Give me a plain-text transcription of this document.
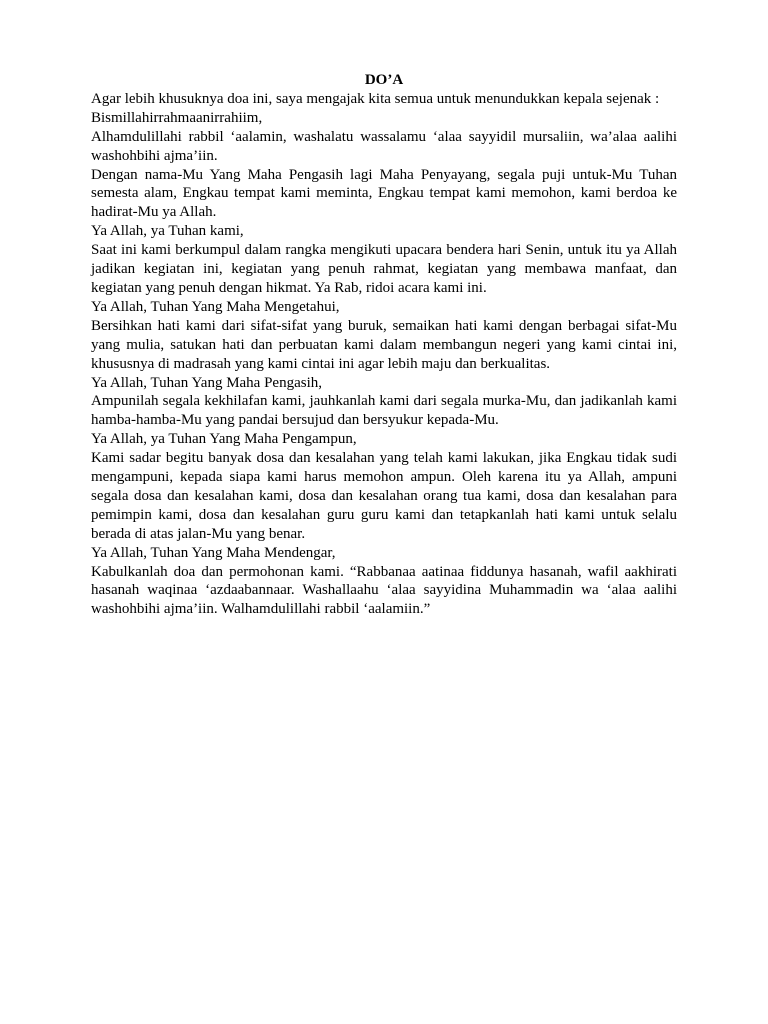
DO’A

Agar lebih khusuknya doa ini, saya mengajak kita semua untuk menundukkan kepala sejenak :

Bismillahirrahmaanirrahiim,

Alhamdulillahi rabbil ‘aalamin, washalatu wassalamu ‘alaa sayyidil mursaliin, wa’alaa aalihi washohbihi ajma’iin.

Dengan nama-Mu Yang Maha Pengasih lagi Maha Penyayang, segala puji untuk-Mu Tuhan semesta alam, Engkau tempat kami meminta, Engkau tempat kami memohon, kami berdoa ke hadirat-Mu ya Allah.

Ya Allah, ya Tuhan kami,

Saat ini kami berkumpul dalam rangka mengikuti upacara bendera hari Senin, untuk itu ya Allah jadikan kegiatan ini, kegiatan yang penuh rahmat, kegiatan yang membawa manfaat, dan kegiatan yang penuh dengan hikmat. Ya Rab, ridoi acara kami ini.

Ya Allah, Tuhan Yang Maha Mengetahui,

Bersihkan hati kami dari sifat-sifat yang buruk, semaikan hati kami dengan berbagai sifat-Mu yang mulia, satukan hati dan perbuatan kami dalam membangun negeri yang kami cintai ini, khususnya di madrasah yang kami cintai ini agar lebih maju dan berkualitas.

Ya Allah, Tuhan Yang Maha Pengasih,

Ampunilah segala kekhilafan kami, jauhkanlah kami dari segala murka-Mu, dan jadikanlah kami hamba-hamba-Mu yang pandai bersujud dan bersyukur kepada-Mu.

Ya Allah, ya Tuhan Yang Maha Pengampun,

Kami sadar begitu banyak dosa dan kesalahan yang telah kami lakukan, jika Engkau tidak sudi mengampuni, kepada siapa kami harus memohon ampun. Oleh karena itu ya Allah, ampuni segala dosa dan kesalahan kami, dosa dan kesalahan orang tua kami, dosa dan kesalahan para pemimpin kami, dosa dan kesalahan guru guru kami dan tetapkanlah hati kami untuk selalu berada di atas jalan-Mu yang benar.

Ya Allah, Tuhan Yang Maha Mendengar,

Kabulkanlah doa dan permohonan kami. “Rabbanaa aatinaa fiddunya hasanah, wafil aakhirati hasanah waqinaa ‘azdaabannaar. Washallaahu ‘alaa sayyidina Muhammadin wa ‘alaa aalihi washohbihi ajma’iin. Walhamdulillahi rabbil ‘aalamiin.”
